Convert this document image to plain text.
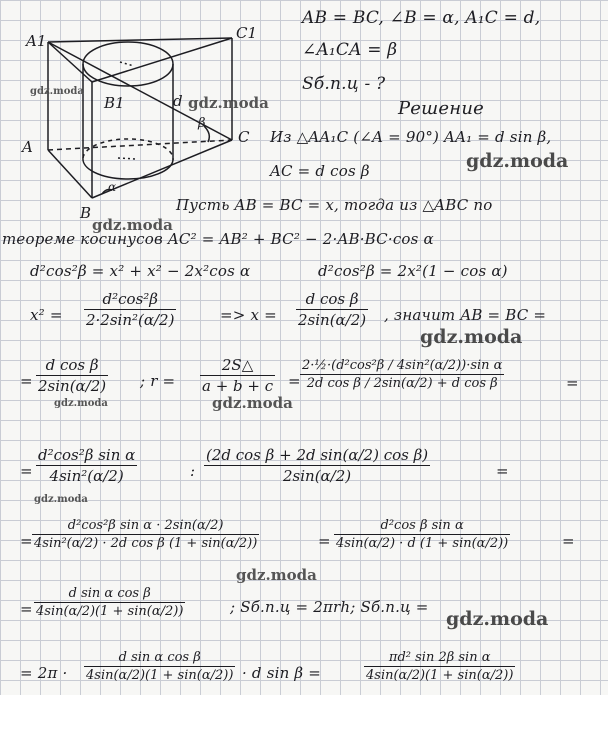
A1	C1
B1
A
B
C
d
β
α
AB = BC, ∠B = α, A₁C = d,
∠A₁CA = β
Sб.п.ц - ?
Решение
Из △AA₁C (∠A = 90°) AA₁ = d sin β,
AC = d cos β
Пусть AB = BC = x, тогда из △ABC по
теореме косинусов AC² = AB² + BC² − 2·AB·BC·cos α
d²cos²β = x² + x² − 2x²cos α	d²cos²β = 2x²(1 − cos α)
x² =
d²cos²β
2·2sin²(α/2)	=> x =
d cos β
2sin(α/2) , значит AB = BC =
=
d cos β
2sin(α/2) ; r =
2S△
a + b + c =
2·½·(d²cos²β / 4sin²(α/2))·sin α
2d cos β / 2sin(α/2) + d cos β	=
=
d²cos²β sin α
4sin²(α/2)	:
(2d cos β + 2d sin(α/2) cos β)
2sin(α/2)	=
=
d²cos²β sin α · 2sin(α/2)
4sin²(α/2) · 2d cos β (1 + sin(α/2))	=
d²cos β sin α
4sin(α/2) · d (1 + sin(α/2))	=
=
d sin α cos β
4sin(α/2)(1 + sin(α/2))	; Sб.п.ц = 2πrh; Sб.п.ц =
= 2π ·
d sin α cos β
4sin(α/2)(1 + sin(α/2)) · d sin β =
πd² sin 2β sin α
4sin(α/2)(1 + sin(α/2))
gdz.moda
gdz.moda
gdz.moda
gdz.moda
gdz.moda
gdz.moda	gdz.moda
gdz.moda
gdz.moda
gdz.moda
